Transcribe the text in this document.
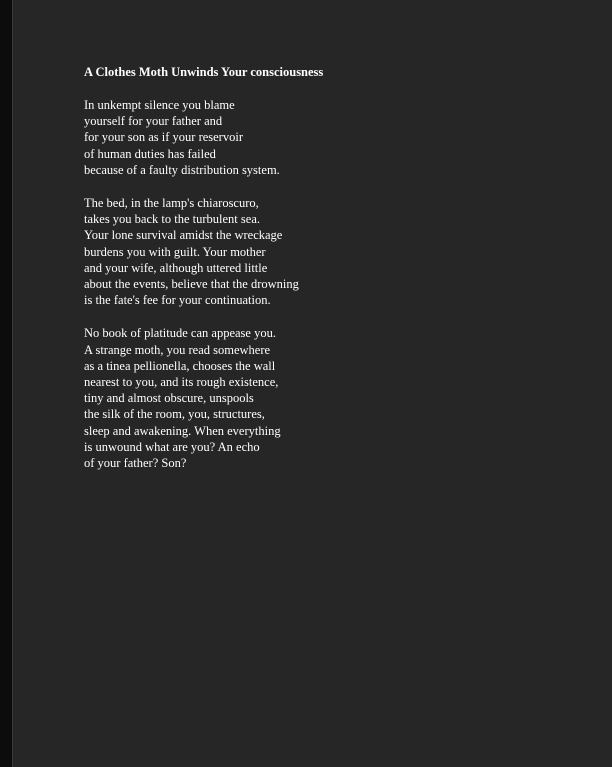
A Clothes Moth Unwinds Your consciousness
In unkempt silence you blame
yourself for your father and
for your son as if your reservoir
of human duties has failed
because of a faulty distribution system.
The bed, in the lamp's chiaroscuro,
takes you back to the turbulent sea.
Your lone survival amidst the wreckage
burdens you with guilt. Your mother
and your wife, although uttered little
about the events, believe that the drowning
is the fate's fee for your continuation.
No book of platitude can appease you.
A strange moth, you read somewhere
as a tinea pellionella, chooses the wall
nearest to you, and its rough existence,
tiny and almost obscure, unspools
the silk of the room, you, structures,
sleep and awakening. When everything
is unwound what are you? An echo
of your father? Son?
